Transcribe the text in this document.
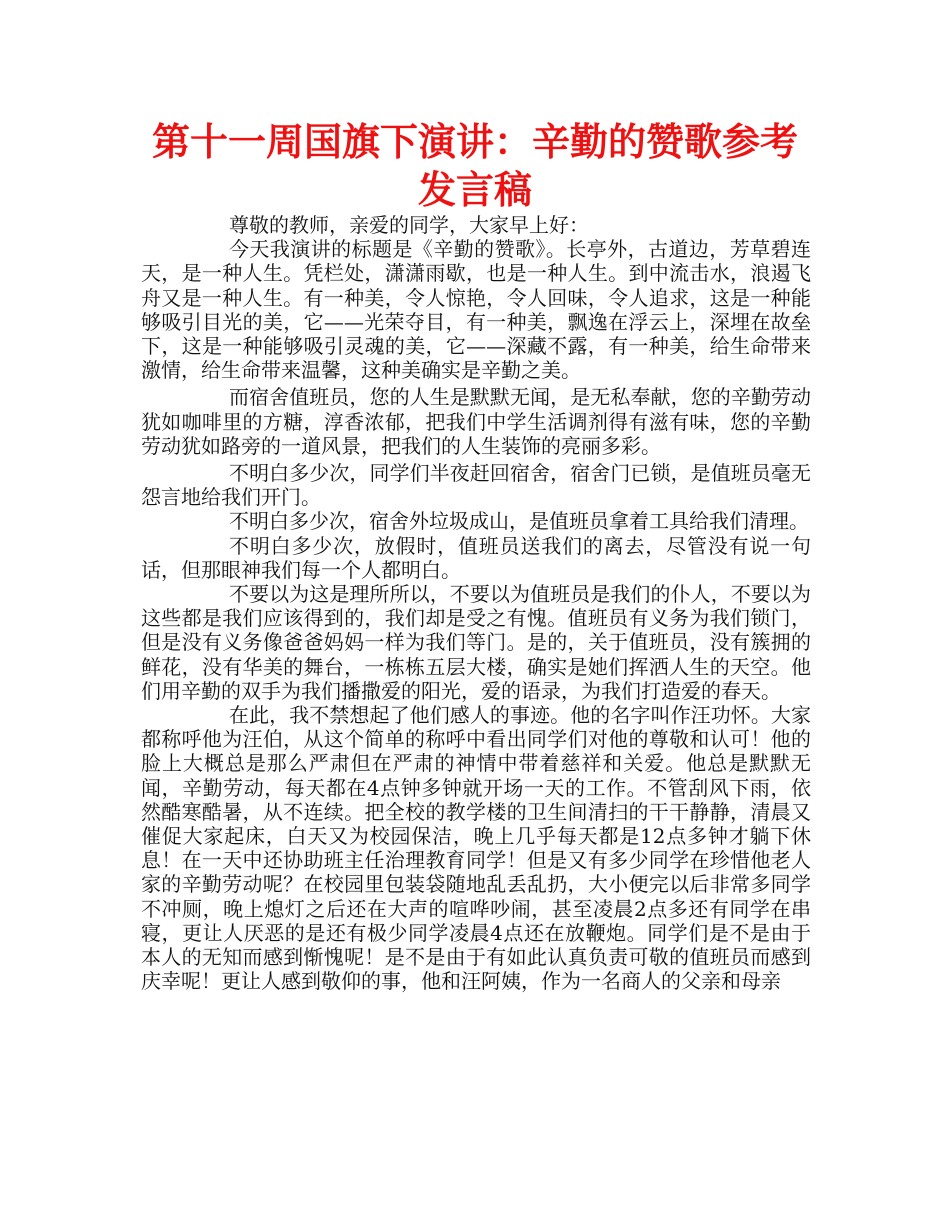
第十一周国旗下演讲：辛勤的赞歌参考发言稿

尊敬的教师，亲爱的同学，大家早上好：

今天我演讲的标题是《辛勤的赞歌》。长亭外，古道边，芳草碧连天，是一种人生。凭栏处，潇潇雨歇，也是一种人生。到中流击水，浪遏飞舟又是一种人生。有一种美，令人惊艳，令人回味，令人追求，这是一种能够吸引目光的美，它——光荣夺目，有一种美，飘逸在浮云上，深埋在故垒下，这是一种能够吸引灵魂的美，它——深藏不露，有一种美，给生命带来激情，给生命带来温馨，这种美确实是辛勤之美。

而宿舍值班员，您的人生是默默无闻，是无私奉献，您的辛勤劳动犹如咖啡里的方糖，淳香浓郁，把我们中学生活调剂得有滋有味，您的辛勤劳动犹如路旁的一道风景，把我们的人生装饰的亮丽多彩。

不明白多少次，同学们半夜赶回宿舍，宿舍门已锁，是值班员毫无怨言地给我们开门。

不明白多少次，宿舍外垃圾成山，是值班员拿着工具给我们清理。

不明白多少次，放假时，值班员送我们的离去，尽管没有说一句话，但那眼神我们每一个人都明白。

不要以为这是理所所以，不要以为值班员是我们的仆人，不要以为这些都是我们应该得到的，我们却是受之有愧。值班员有义务为我们锁门，但是没有义务像爸爸妈妈一样为我们等门。是的，关于值班员，没有簇拥的鲜花，没有华美的舞台，一栋栋五层大楼，确实是她们挥洒人生的天空。他们用辛勤的双手为我们播撒爱的阳光，爱的语录，为我们打造爱的春天。

在此，我不禁想起了他们感人的事迹。他的名字叫作汪功怀。大家都称呼他为汪伯，从这个简单的称呼中看出同学们对他的尊敬和认可！他的脸上大概总是那么严肃但在严肃的神情中带着慈祥和关爱。他总是默默无闻，辛勤劳动，每天都在4点钟多钟就开场一天的工作。不管刮风下雨，依然酷寒酷暑，从不连续。把全校的教学楼的卫生间清扫的干干静静，清晨又催促大家起床，白天又为校园保洁，晚上几乎每天都是12点多钟才躺下休息！在一天中还协助班主任治理教育同学！但是又有多少同学在珍惜他老人家的辛勤劳动呢？在校园里包装袋随地乱丢乱扔，大小便完以后非常多同学不冲厕，晚上熄灯之后还在大声的喧哗吵闹，甚至凌晨2点多还有同学在串寝，更让人厌恶的是还有极少同学凌晨4点还在放鞭炮。同学们是不是由于本人的无知而感到惭愧呢！是不是由于有如此认真负责可敬的值班员而感到庆幸呢！更让人感到敬仰的事，他和汪阿姨，作为一名商人的父亲和母亲
